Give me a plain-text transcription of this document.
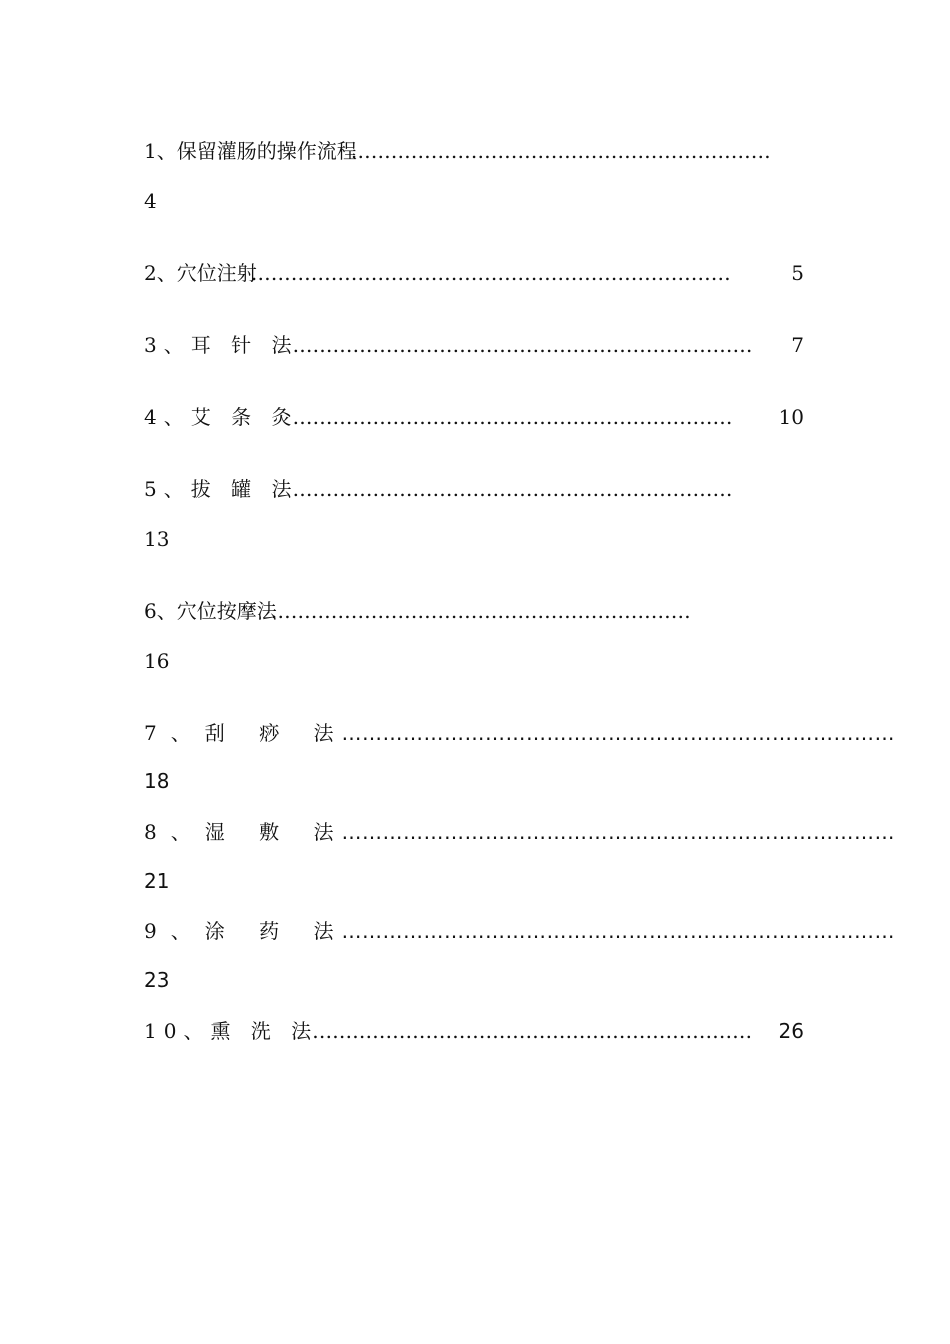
1、保留灌肠的操作流程………………………………………………………
4
2、穴位注射………………………………………………………………	5
3、耳 针 法……………………………………………………………	7
4、艾 条 灸…………………………………………………………	10
5、拔 罐 法…………………………………………………………
13
6、穴位按摩法………………………………………………………
16
7、刮 痧 法………………………………………………………………………
18
8、湿 敷 法………………………………………………………………………
21
9、涂 药 法………………………………………………………………………
23
10、熏 洗 法…………………………………………………………	26
